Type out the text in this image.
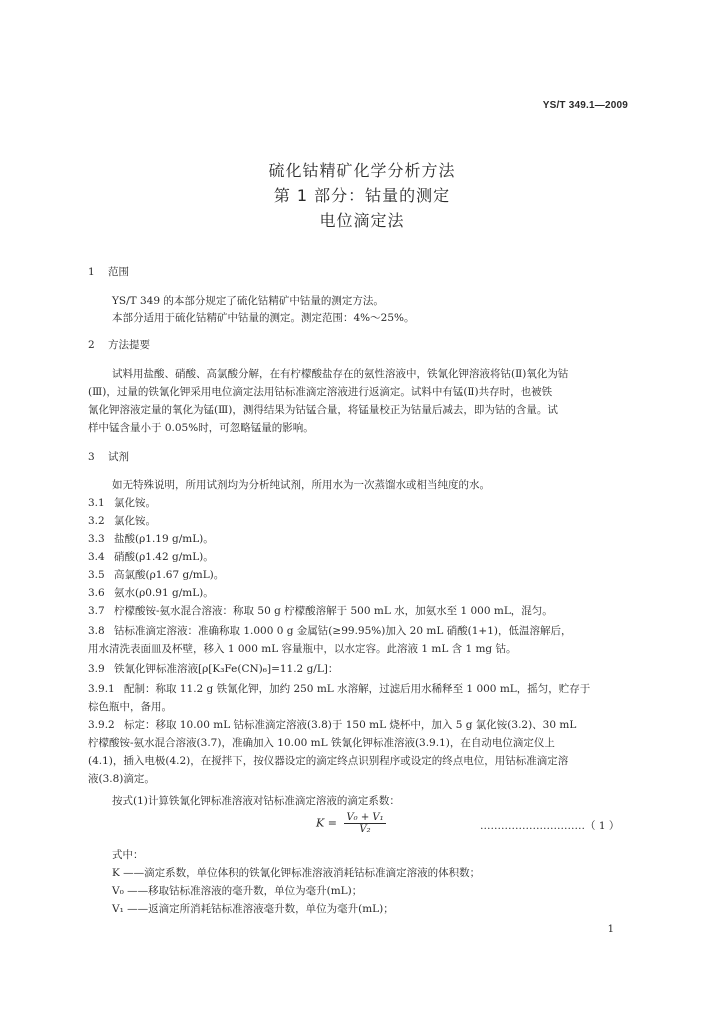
YS/T 349.1—2009
硫化钴精矿化学分析方法
第 1 部分：钴量的测定
电位滴定法
1 范围
YS/T 349 的本部分规定了硫化钴精矿中钴量的测定方法。
本部分适用于硫化钴精矿中钴量的测定。测定范围：4%～25%。
2 方法提要
试料用盐酸、硝酸、高氯酸分解，在有柠檬酸盐存在的氨性溶液中，铁氰化钾溶液将钴(Ⅱ)氧化为钴
(Ⅲ)，过量的铁氰化钾采用电位滴定法用钴标准滴定溶液进行返滴定。试料中有锰(Ⅱ)共存时，也被铁
氰化钾溶液定量的氧化为锰(Ⅲ)，测得结果为钴锰合量，将锰量校正为钴量后减去，即为钴的含量。试
样中锰含量小于 0.05%时，可忽略锰量的影响。
3 试剂
如无特殊说明，所用试剂均为分析纯试剂，所用水为一次蒸馏水或相当纯度的水。
3.1 氯化铵。
3.2 氯化铵。
3.3 盐酸(ρ1.19 g/mL)。
3.4 硝酸(ρ1.42 g/mL)。
3.5 高氯酸(ρ1.67 g/mL)。
3.6 氨水(ρ0.91 g/mL)。
3.7 柠檬酸铵-氨水混合溶液：称取 50 g 柠檬酸溶解于 500 mL 水，加氨水至 1 000 mL，混匀。
3.8 钴标准滴定溶液：准确称取 1.000 0 g 金属钴(≥99.95%)加入 20 mL 硝酸(1+1)，低温溶解后，
用水清洗表面皿及杯壁，移入 1 000 mL 容量瓶中，以水定容。此溶液 1 mL 含 1 mg 钴。
3.9 铁氰化钾标准溶液[ρ[K₃Fe(CN)₆]=11.2 g/L]：
3.9.1 配制：称取 11.2 g 铁氰化钾，加约 250 mL 水溶解，过滤后用水稀释至 1 000 mL，摇匀，贮存于
棕色瓶中，备用。
3.9.2 标定：移取 10.00 mL 钴标准滴定溶液(3.8)于 150 mL 烧杯中，加入 5 g 氯化铵(3.2)、30 mL
柠檬酸铵-氨水混合溶液(3.7)，准确加入 10.00 mL 铁氰化钾标准溶液(3.9.1)，在自动电位滴定仪上
(4.1)，插入电极(4.2)，在搅拌下，按仪器设定的滴定终点识别程序或设定的终点电位，用钴标准滴定溶
液(3.8)滴定。
按式(1)计算铁氰化钾标准溶液对钴标准滴定溶液的滴定系数：
$K = \frac{\text{V₀ + V₁}}{\text{V₂}}$	…………………………（ 1 ）
式中：
K ——滴定系数，单位体积的铁氰化钾标准溶液消耗钴标准滴定溶液的体积数；
V₀ ——移取钴标准溶液的毫升数，单位为毫升(mL)；
V₁ ——返滴定所消耗钴标准溶液毫升数，单位为毫升(mL)；
1
